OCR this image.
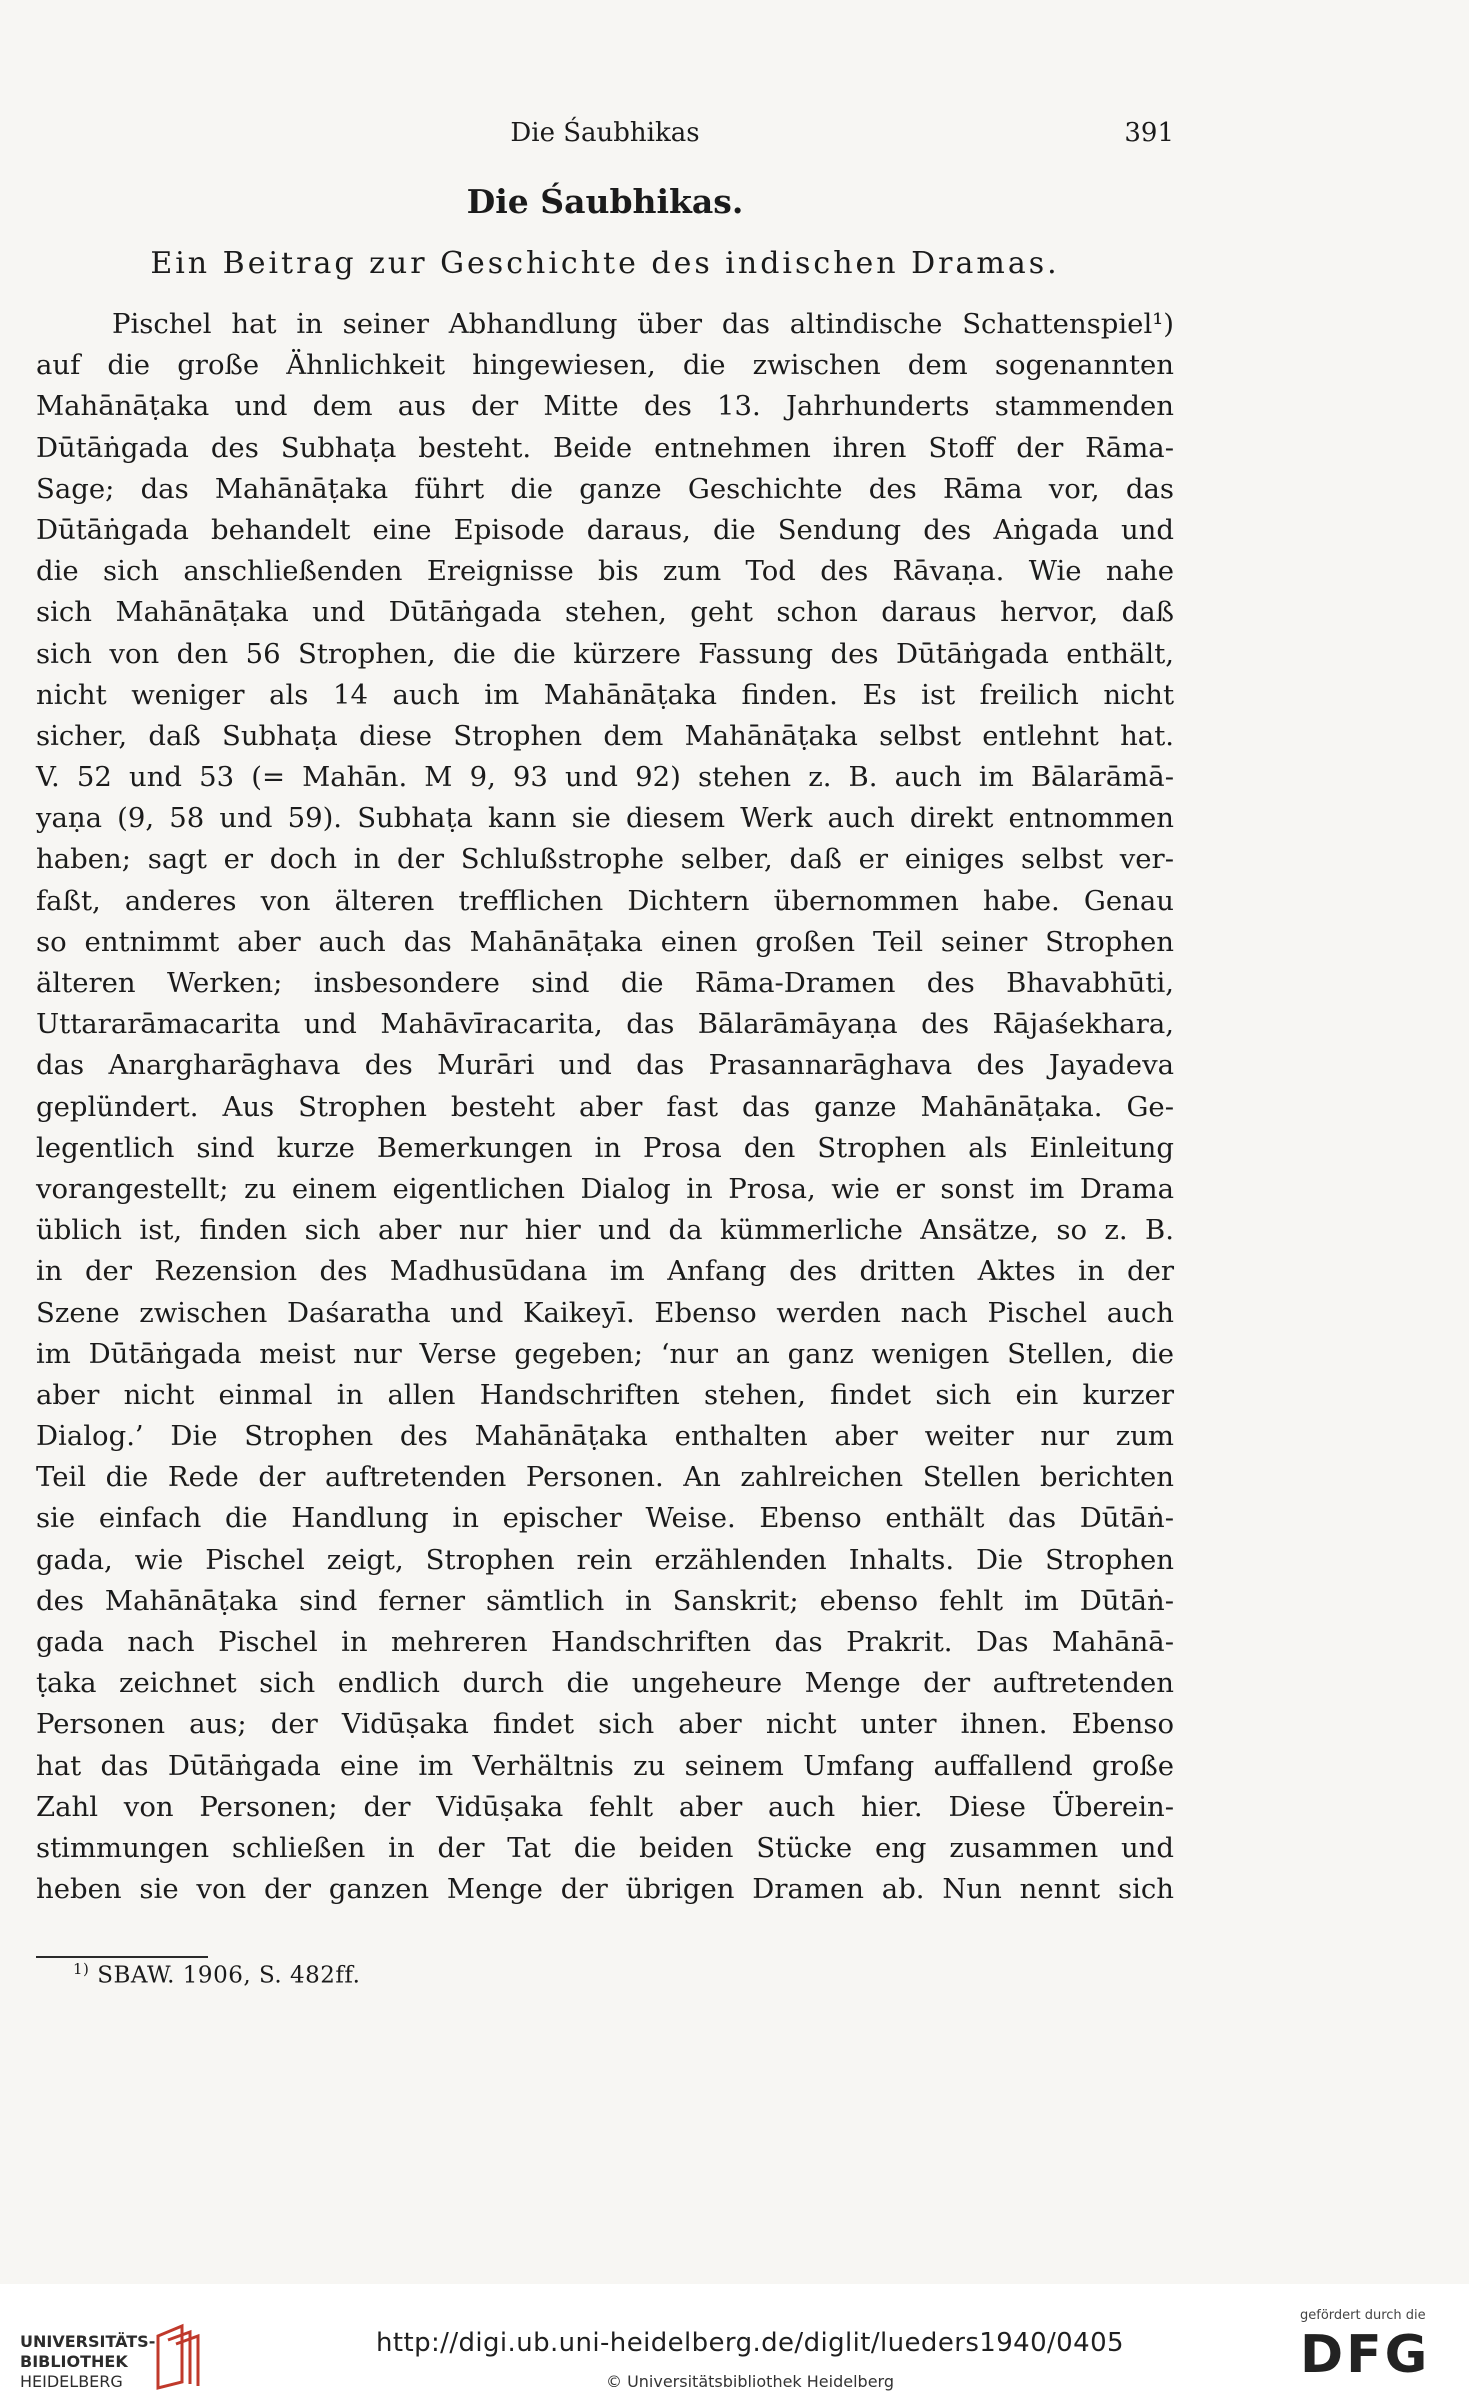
Die Śaubhikas	391
Die Śaubhikas.
Ein Beitrag zur Geschichte des indischen Dramas.
Pischel hat in seiner Abhandlung über das altindische Schattenspiel¹)
auf die große Ähnlichkeit hingewiesen, die zwischen dem sogenannten
Mahānāṭaka und dem aus der Mitte des 13. Jahrhunderts stammenden
Dūtāṅgada des Subhaṭa besteht. Beide entnehmen ihren Stoff der Rāma-
Sage; das Mahānāṭaka führt die ganze Geschichte des Rāma vor, das
Dūtāṅgada behandelt eine Episode daraus, die Sendung des Aṅgada und
die sich anschließenden Ereignisse bis zum Tod des Rāvaṇa. Wie nahe
sich Mahānāṭaka und Dūtāṅgada stehen, geht schon daraus hervor, daß
sich von den 56 Strophen, die die kürzere Fassung des Dūtāṅgada enthält,
nicht weniger als 14 auch im Mahānāṭaka finden. Es ist freilich nicht
sicher, daß Subhaṭa diese Strophen dem Mahānāṭaka selbst entlehnt hat.
V. 52 und 53 (= Mahān. M 9, 93 und 92) stehen z. B. auch im Bālarāmā-
yaṇa (9, 58 und 59). Subhaṭa kann sie diesem Werk auch direkt entnommen
haben; sagt er doch in der Schlußstrophe selber, daß er einiges selbst ver-
faßt, anderes von älteren trefflichen Dichtern übernommen habe. Genau
so entnimmt aber auch das Mahānāṭaka einen großen Teil seiner Strophen
älteren Werken; insbesondere sind die Rāma-Dramen des Bhavabhūti,
Uttararāmacarita und Mahāvīracarita, das Bālarāmāyaṇa des Rājaśekhara,
das Anargharāghava des Murāri und das Prasannarāghava des Jayadeva
geplündert. Aus Strophen besteht aber fast das ganze Mahānāṭaka. Ge-
legentlich sind kurze Bemerkungen in Prosa den Strophen als Einleitung
vorangestellt; zu einem eigentlichen Dialog in Prosa, wie er sonst im Drama
üblich ist, finden sich aber nur hier und da kümmerliche Ansätze, so z. B.
in der Rezension des Madhusūdana im Anfang des dritten Aktes in der
Szene zwischen Daśaratha und Kaikeyī. Ebenso werden nach Pischel auch
im Dūtāṅgada meist nur Verse gegeben; ‘nur an ganz wenigen Stellen, die
aber nicht einmal in allen Handschriften stehen, findet sich ein kurzer
Dialog.’ Die Strophen des Mahānāṭaka enthalten aber weiter nur zum
Teil die Rede der auftretenden Personen. An zahlreichen Stellen berichten
sie einfach die Handlung in epischer Weise. Ebenso enthält das Dūtāṅ-
gada, wie Pischel zeigt, Strophen rein erzählenden Inhalts. Die Strophen
des Mahānāṭaka sind ferner sämtlich in Sanskrit; ebenso fehlt im Dūtāṅ-
gada nach Pischel in mehreren Handschriften das Prakrit. Das Mahānā-
ṭaka zeichnet sich endlich durch die ungeheure Menge der auftretenden
Personen aus; der Vidūṣaka findet sich aber nicht unter ihnen. Ebenso
hat das Dūtāṅgada eine im Verhältnis zu seinem Umfang auffallend große
Zahl von Personen; der Vidūṣaka fehlt aber auch hier. Diese Überein-
stimmungen schließen in der Tat die beiden Stücke eng zusammen und
heben sie von der ganzen Menge der übrigen Dramen ab. Nun nennt sich
$^{1)}$ SBAW. 1906, S. 482ff.
UNIVERSITÄTS-
BIBLIOTHEK
HEIDELBERG
http://digi.ub.uni-heidelberg.de/diglit/lueders1940/0405
© Universitätsbibliothek Heidelberg
gefördert durch die
DFG
